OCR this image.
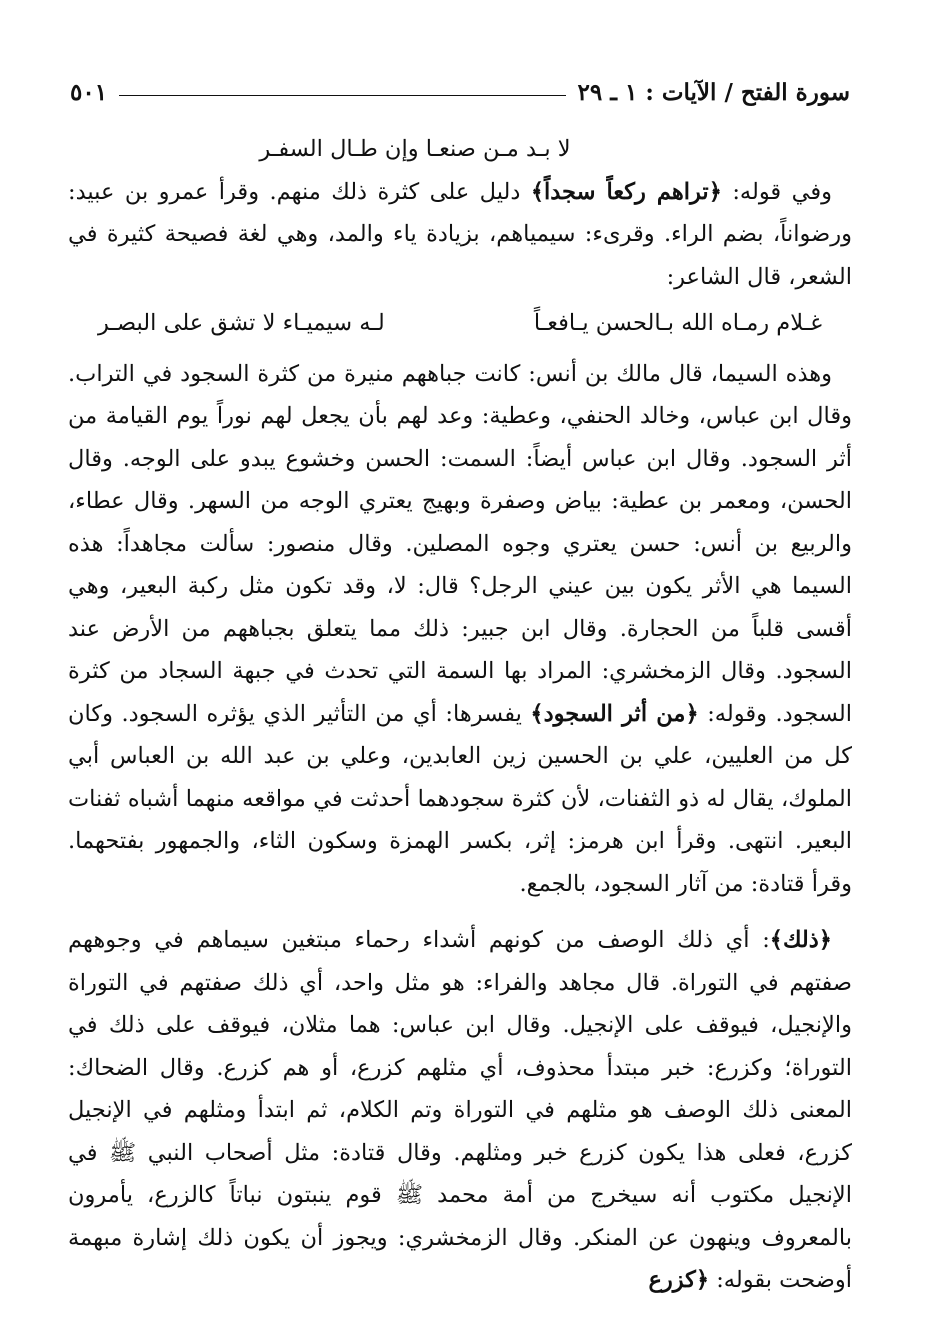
سورة الفتح / الآيات : ١ ـ ٢٩
٥٠١

لا بـد مـن صنعـا وإن طـال السفـر

وفي قوله: ﴿تراهم ركعاً سجداً﴾ دليل على كثرة ذلك منهم. وقرأ عمرو بن عبيد: ورضواناً، بضم الراء. وقرىء: سيمياهم، بزيادة ياء والمد، وهي لغة فصيحة كثيرة في الشعر، قال الشاعر:

غـلام رمـاه الله بـالحسن يـافعـاً
لـه سيميـاء لا تشق على البصـر

وهذه السيما، قال مالك بن أنس: كانت جباههم منيرة من كثرة السجود في التراب. وقال ابن عباس، وخالد الحنفي، وعطية: وعد لهم بأن يجعل لهم نوراً يوم القيامة من أثر السجود. وقال ابن عباس أيضاً: السمت: الحسن وخشوع يبدو على الوجه. وقال الحسن، ومعمر بن عطية: بياض وصفرة وبهيج يعتري الوجه من السهر. وقال عطاء، والربيع بن أنس: حسن يعتري وجوه المصلين. وقال منصور: سألت مجاهداً: هذه السيما هي الأثر يكون بين عيني الرجل؟ قال: لا، وقد تكون مثل ركبة البعير، وهي أقسى قلباً من الحجارة. وقال ابن جبير: ذلك مما يتعلق بجباههم من الأرض عند السجود. وقال الزمخشري: المراد بها السمة التي تحدث في جبهة السجاد من كثرة السجود. وقوله: ﴿من أثر السجود﴾ يفسرها: أي من التأثير الذي يؤثره السجود. وكان كل من العليين، علي بن الحسين زين العابدين، وعلي بن عبد الله بن العباس أبي الملوك، يقال له ذو الثفنات، لأن كثرة سجودهما أحدثت في مواقعه منهما أشباه ثفنات البعير. انتهى. وقرأ ابن هرمز: إثر، بكسر الهمزة وسكون الثاء، والجمهور بفتحهما. وقرأ قتادة: من آثار السجود، بالجمع.

﴿ذلك﴾: أي ذلك الوصف من كونهم أشداء رحماء مبتغين سيماهم في وجوههم صفتهم في التوراة. قال مجاهد والفراء: هو مثل واحد، أي ذلك صفتهم في التوراة والإنجيل، فيوقف على الإنجيل. وقال ابن عباس: هما مثلان، فيوقف على ذلك في التوراة؛ وكزرع: خبر مبتدأ محذوف، أي مثلهم كزرع، أو هم كزرع. وقال الضحاك: المعنى ذلك الوصف هو مثلهم في التوراة وتم الكلام، ثم ابتدأ ومثلهم في الإنجيل كزرع، فعلى هذا يكون كزرع خبر ومثلهم. وقال قتادة: مثل أصحاب النبي ﷺ في الإنجيل مكتوب أنه سيخرج من أمة محمد ﷺ قوم ينبتون نباتاً كالزرع، يأمرون بالمعروف وينهون عن المنكر. وقال الزمخشري: ويجوز أن يكون ذلك إشارة مبهمة أوضحت بقوله: ﴿كزرع
